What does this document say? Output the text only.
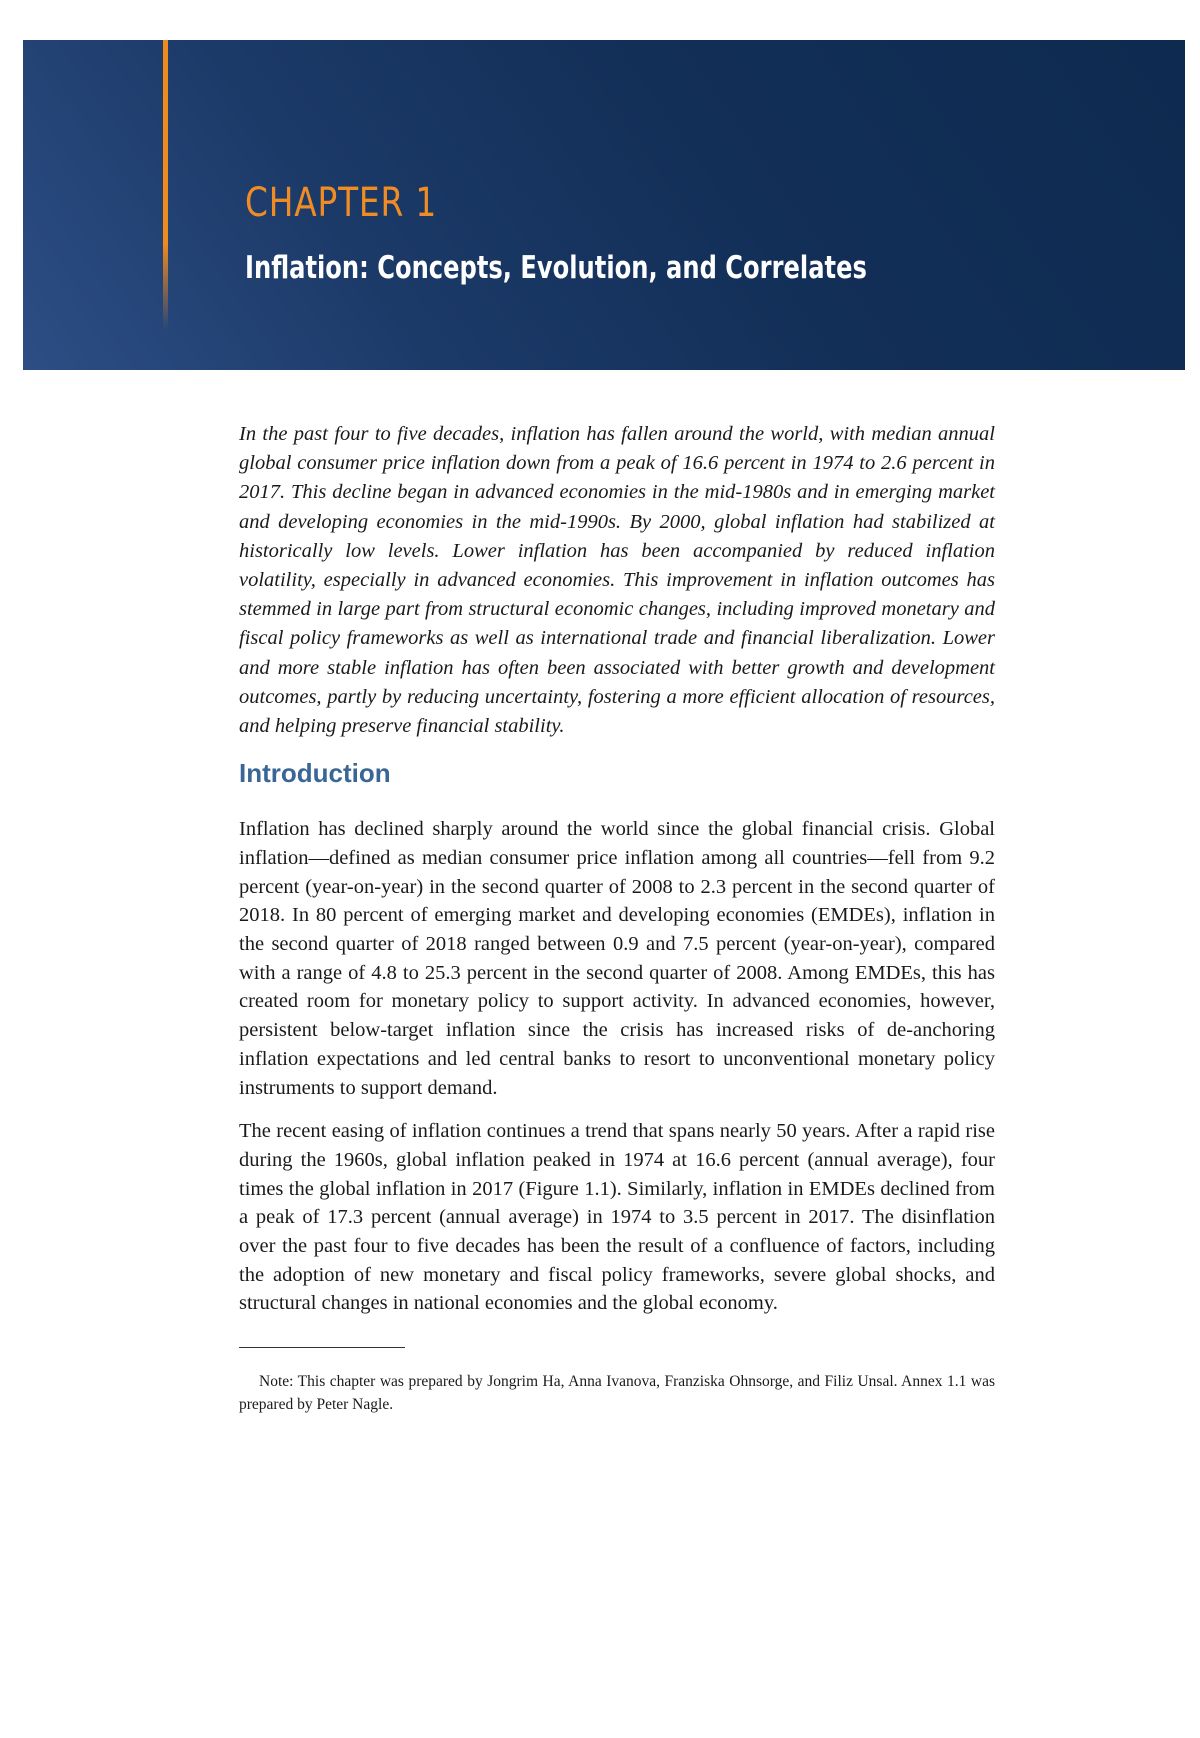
CHAPTER 1
Inflation: Concepts, Evolution, and Correlates

In the past four to five decades, inflation has fallen around the world, with median annual global consumer price inflation down from a peak of 16.6 percent in 1974 to 2.6 percent in 2017. This decline began in advanced economies in the mid-1980s and in emerging market and developing economies in the mid-1990s. By 2000, global inflation had stabilized at historically low levels. Lower inflation has been accompanied by reduced inflation volatility, especially in advanced economies. This improvement in inflation outcomes has stemmed in large part from structural economic changes, including improved monetary and fiscal policy frameworks as well as international trade and financial liberalization. Lower and more stable inflation has often been associated with better growth and development outcomes, partly by reducing uncertainty, fostering a more efficient allocation of resources, and helping preserve financial stability.

Introduction

Inflation has declined sharply around the world since the global financial crisis. Global inflation—defined as median consumer price inflation among all countries—fell from 9.2 percent (year-on-year) in the second quarter of 2008 to 2.3 percent in the second quarter of 2018. In 80 percent of emerging market and developing economies (EMDEs), inflation in the second quarter of 2018 ranged between 0.9 and 7.5 percent (year-on-year), compared with a range of 4.8 to 25.3 percent in the second quarter of 2008. Among EMDEs, this has created room for monetary policy to support activity. In advanced economies, however, persistent below-target inflation since the crisis has increased risks of de-anchoring inflation expectations and led central banks to resort to unconventional monetary policy instruments to support demand.

The recent easing of inflation continues a trend that spans nearly 50 years. After a rapid rise during the 1960s, global inflation peaked in 1974 at 16.6 percent (annual average), four times the global inflation in 2017 (Figure 1.1). Similarly, inflation in EMDEs declined from a peak of 17.3 percent (annual average) in 1974 to 3.5 percent in 2017. The disinflation over the past four to five decades has been the result of a confluence of factors, including the adoption of new monetary and fiscal policy frameworks, severe global shocks, and structural changes in national economies and the global economy.

Note: This chapter was prepared by Jongrim Ha, Anna Ivanova, Franziska Ohnsorge, and Filiz Unsal. Annex 1.1 was prepared by Peter Nagle.
